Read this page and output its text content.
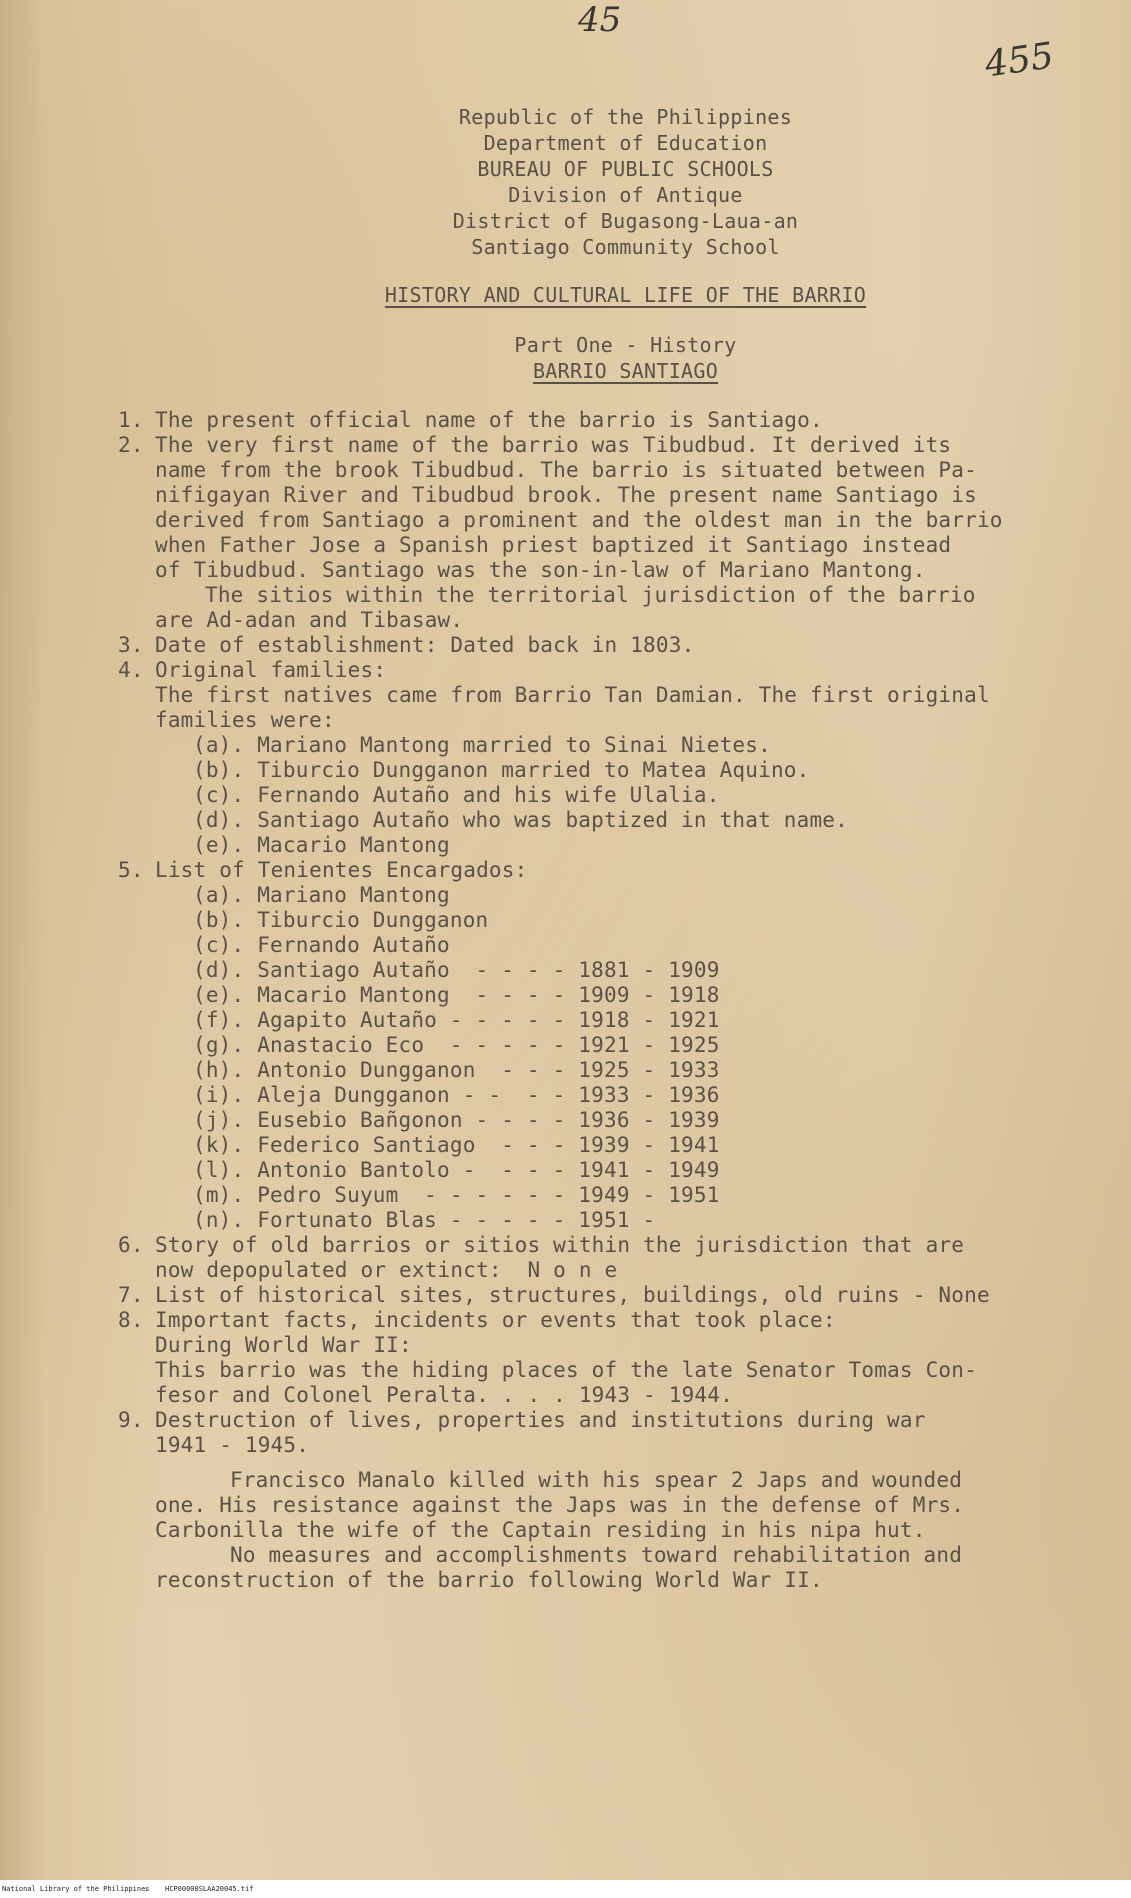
45
455
Republic of the Philippines
Department of Education
BUREAU OF PUBLIC SCHOOLS
Division of Antique
District of Bugasong-Laua-an
Santiago Community School
HISTORY AND CULTURAL LIFE OF THE BARRIO
Part One - History
BARRIO SANTIAGO
1.
2.
3.
4.
5.
6.
7.
8.
9.
The present official name of the barrio is Santiago.
The very first name of the barrio was Tibudbud. It derived its
name from the brook Tibudbud. The barrio is situated between Pa-
nifigayan River and Tibudbud brook. The present name Santiago is
derived from Santiago a prominent and the oldest man in the barrio
when Father Jose a Spanish priest baptized it Santiago instead
of Tibudbud. Santiago was the son-in-law of Mariano Mantong.
The sitios within the territorial jurisdiction of the barrio
are Ad-adan and Tibasaw.
Date of establishment: Dated back in 1803.
Original families:
The first natives came from Barrio Tan Damian. The first original
families were:
(a). Mariano Mantong married to Sinai Nietes.
(b). Tiburcio Dungganon married to Matea Aquino.
(c). Fernando Autaño and his wife Ulalia.
(d). Santiago Autaño who was baptized in that name.
(e). Macario Mantong
List of Tenientes Encargados:
(a). Mariano Mantong
(b). Tiburcio Dungganon
(c). Fernando Autaño
(d). Santiago Autaño  - - - - 1881 - 1909
(e). Macario Mantong  - - - - 1909 - 1918
(f). Agapito Autaño - - - - - 1918 - 1921
(g). Anastacio Eco  - - - - - 1921 - 1925
(h). Antonio Dungganon  - - - 1925 - 1933
(i). Aleja Dungganon - -  - - 1933 - 1936
(j). Eusebio Bañgonon - - - - 1936 - 1939
(k). Federico Santiago  - - - 1939 - 1941
(l). Antonio Bantolo -  - - - 1941 - 1949
(m). Pedro Suyum  - - - - - - 1949 - 1951
(n). Fortunato Blas - - - - - 1951 -
Story of old barrios or sitios within the jurisdiction that are
now depopulated or extinct:  N o n e
List of historical sites, structures, buildings, old ruins - None
Important facts, incidents or events that took place:
During World War II:
This barrio was the hiding places of the late Senator Tomas Con-
fesor and Colonel Peralta. . . . 1943 - 1944.
Destruction of lives, properties and institutions during war
1941 - 1945.
Francisco Manalo killed with his spear 2 Japs and wounded
one. His resistance against the Japs was in the defense of Mrs.
Carbonilla the wife of the Captain residing in his nipa hut.
No measures and accomplishments toward rehabilitation and
reconstruction of the barrio following World War II.
National Library of the Philippines HCP00000SLAA20045.tif
